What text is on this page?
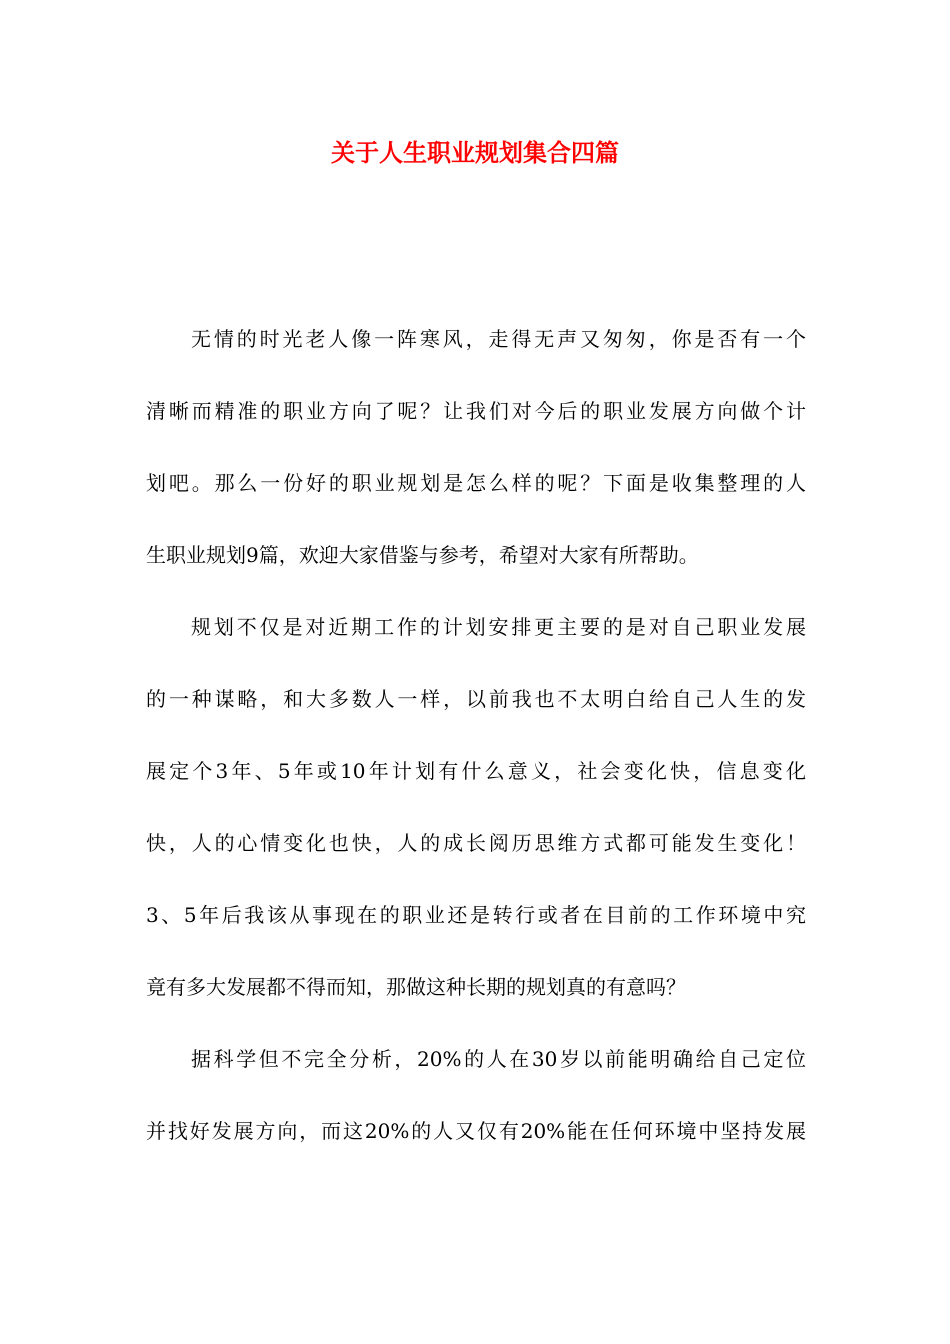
关于人生职业规划集合四篇
无情的时光老人像一阵寒风，走得无声又匆匆，你是否有一个
清晰而精准的职业方向了呢？让我们对今后的职业发展方向做个计
划吧。那么一份好的职业规划是怎么样的呢？下面是收集整理的人
生职业规划9篇，欢迎大家借鉴与参考，希望对大家有所帮助。
规划不仅是对近期工作的计划安排更主要的是对自己职业发展
的一种谋略，和大多数人一样，以前我也不太明白给自己人生的发
展定个3年、5年或10年计划有什么意义，社会变化快，信息变化
快，人的心情变化也快，人的成长阅历思维方式都可能发生变化！
3、5年后我该从事现在的职业还是转行或者在目前的工作环境中究
竟有多大发展都不得而知，那做这种长期的规划真的有意吗？
据科学但不完全分析，20%的人在30岁以前能明确给自己定位
并找好发展方向，而这20%的人又仅有20%能在任何环境中坚持发展
